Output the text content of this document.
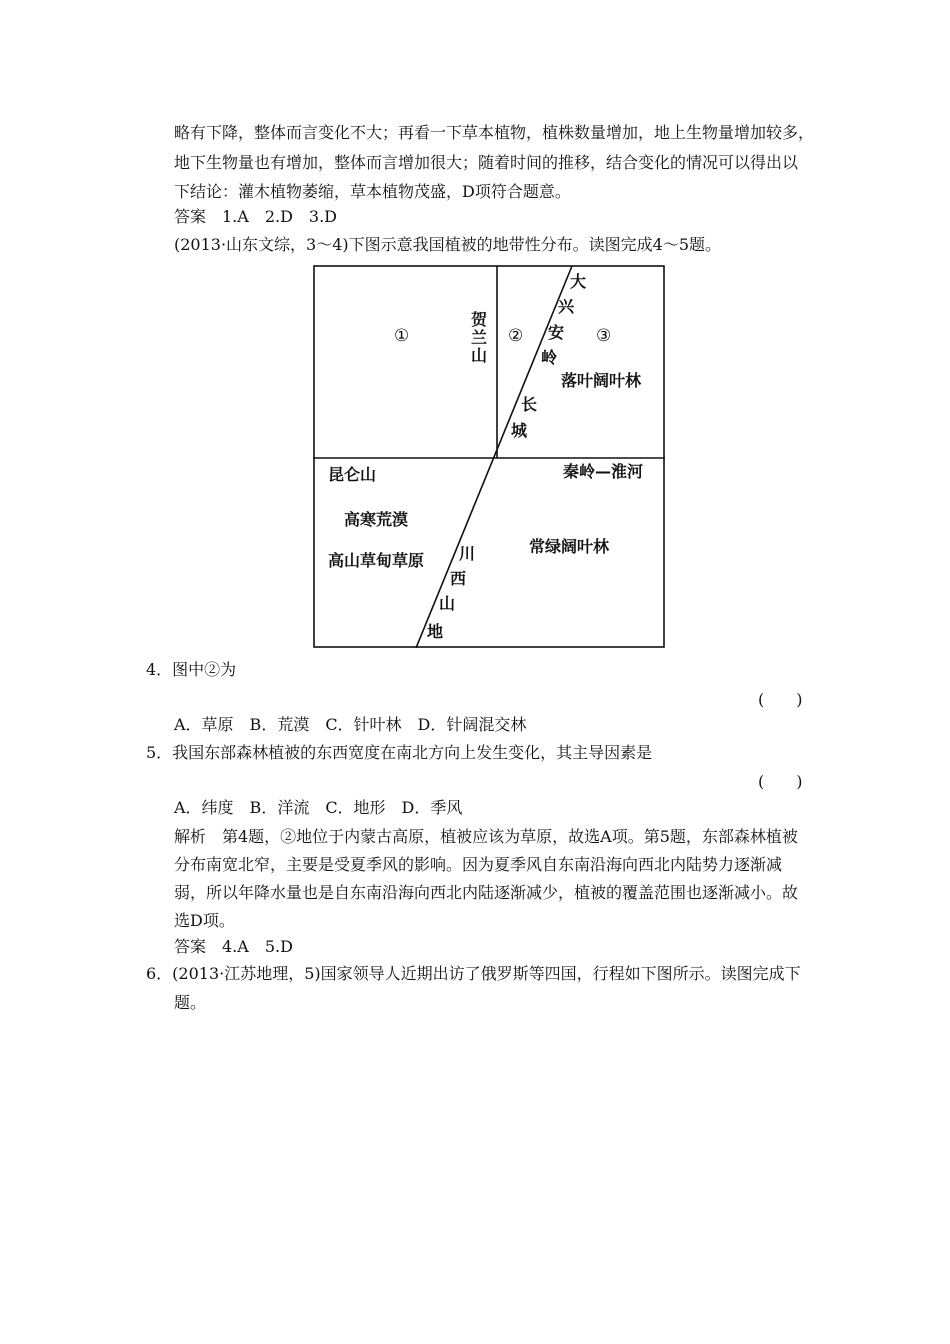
略有下降，整体而言变化不大；再看一下草本植物，植株数量增加，地上生物量增加较多，
地下生物量也有增加，整体而言增加很大；随着时间的推移，结合变化的情况可以得出以
下结论：灌木植物萎缩，草本植物茂盛，D项符合题意。
答案　1.A　2.D　3.D
(2013·山东文综，3～4)下图示意我国植被的地带性分布。读图完成4～5题。
①
贺兰山
②	③
大
兴
安
岭
落叶阔叶林
长
城
昆仑山	秦岭—淮河
高寒荒漠
高山草甸草原
常绿阔叶林
川
西
山
地
4．图中②为
(　　)
A．草原　B．荒漠　C．针叶林　D．针阔混交林
5．我国东部森林植被的东西宽度在南北方向上发生变化，其主导因素是
(　　)
A．纬度　B．洋流　C．地形　D．季风
解析　第4题，②地位于内蒙古高原，植被应该为草原，故选A项。第5题，东部森林植被
分布南宽北窄，主要是受夏季风的影响。因为夏季风自东南沿海向西北内陆势力逐渐减
弱，所以年降水量也是自东南沿海向西北内陆逐渐减少，植被的覆盖范围也逐渐减小。故
选D项。
答案　4.A　5.D
6．(2013·江苏地理，5)国家领导人近期出访了俄罗斯等四国，行程如下图所示。读图完成下
题。
